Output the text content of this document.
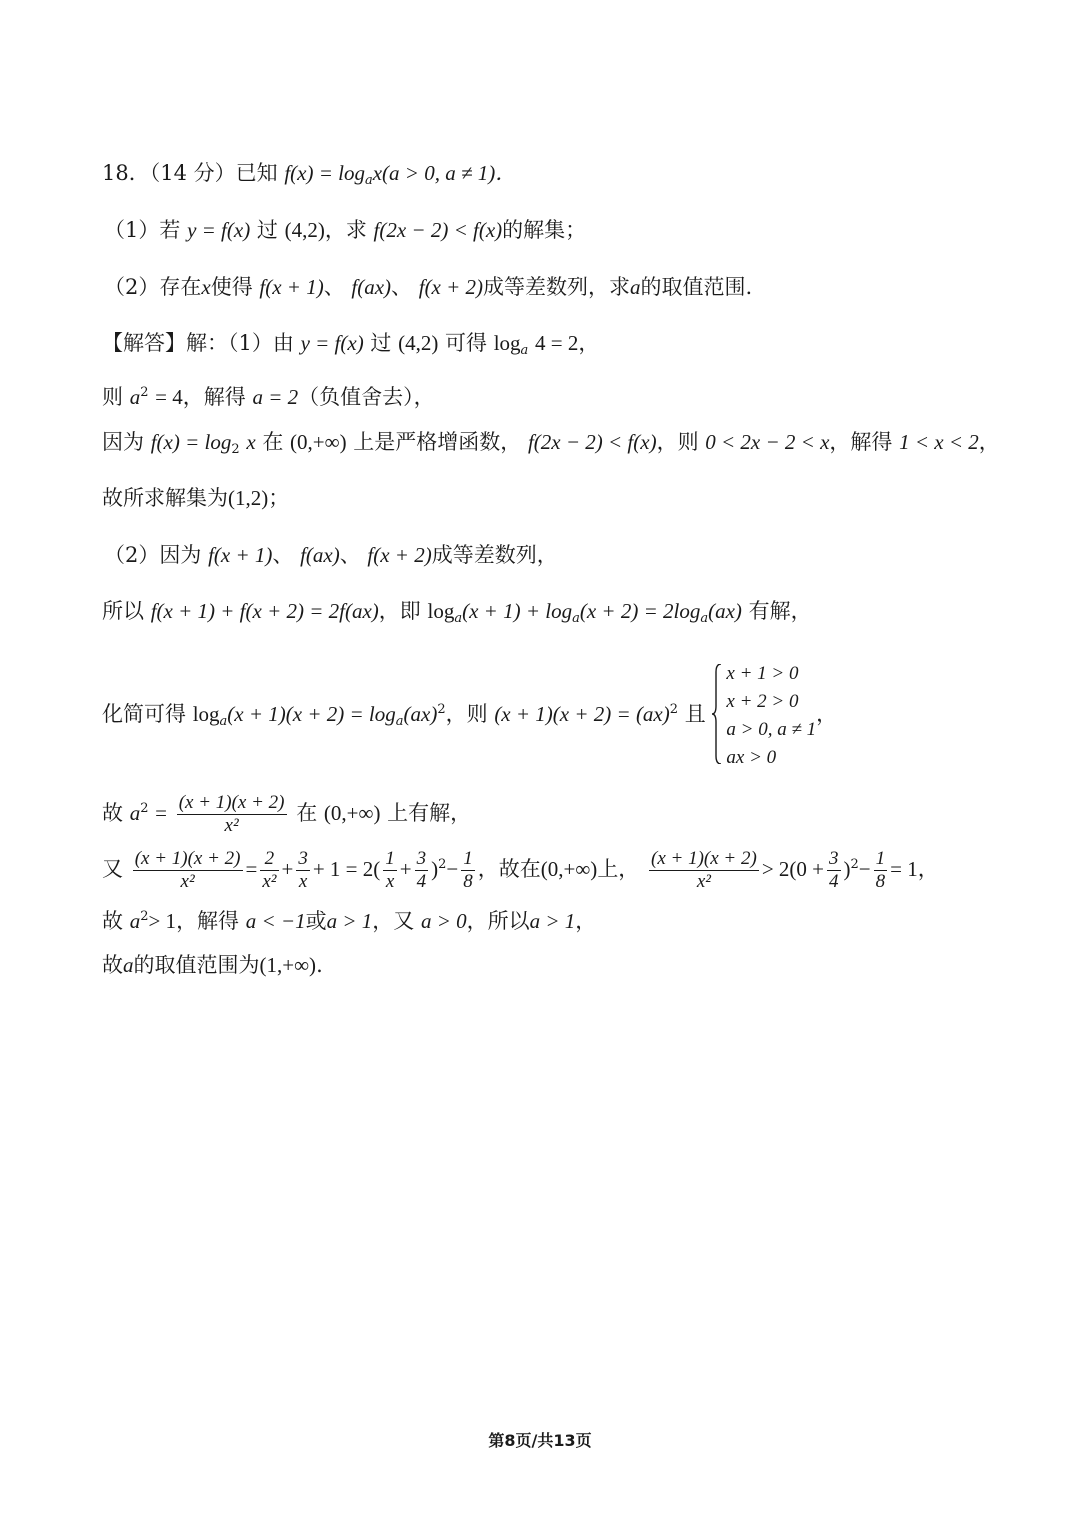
18．（14 分）已知 $f(x) = \log_ax(a > 0$, a ≠ 1)．
（1）若 y = f(x) 过 (4,2)，求 f(2x − 2) < f(x)的解集；
（2）存在x使得 f(x + 1)、 f(ax)、 f(x + 2)成等差数列，求a的取值范围.
【解答】解：（1）由 y = f(x) 过 (4,2) 可得 $\log_a 4 = 2$，
则 $a^2 = 4$，解得 a = 2（负值舍去），
因为 $f(x) = \log_2 x$ 在 (0,+∞) 上是严格增函数， f(2x − 2) < f(x)，则 0 < 2x − 2 < x，解得 1 < x < 2，
故所求解集为(1,2)；
（2）因为 f(x + 1)、 f(ax)、 f(x + 2)成等差数列，
所以 f(x + 1) + f(x + 2) = 2f(ax)，即 $\log_a(x + 1) + \log_a(x + 2) = 2\log_a(ax)$ 有解，
化简可得 $\log_a(x + 1)(x + 2) = \log_a(ax)^2$，则 (x + 1)(x + 2) = (ax)$^2$ 且
x + 1 > 0
x + 2 > 0
a > 0, a ≠ 1
ax > 0
，
故 $a^2 = \frac{(x + 1)(x + 2)}{\text{x²}}$ 在 (0,+∞) 上有解，
又 $\frac{(x + 1)(x + 2)}{\text{x²}} = \frac{2}{\text{x²}} + \frac{3}{x} + 1 = 2( \frac{1}{x} + \frac{3}{4} )^2- \frac{1}{8}$ ，故在(0,+∞)上， $\frac{(x + 1)(x + 2)}{\text{x²}} > 2(0 + \frac{3}{4} )^2- \frac{1}{8} = 1$，
故 $a^2> 1$，解得 a < −1或a > 1，又 a > 0，所以a > 1，
故a的取值范围为(1,+∞).
第8页/共13页
